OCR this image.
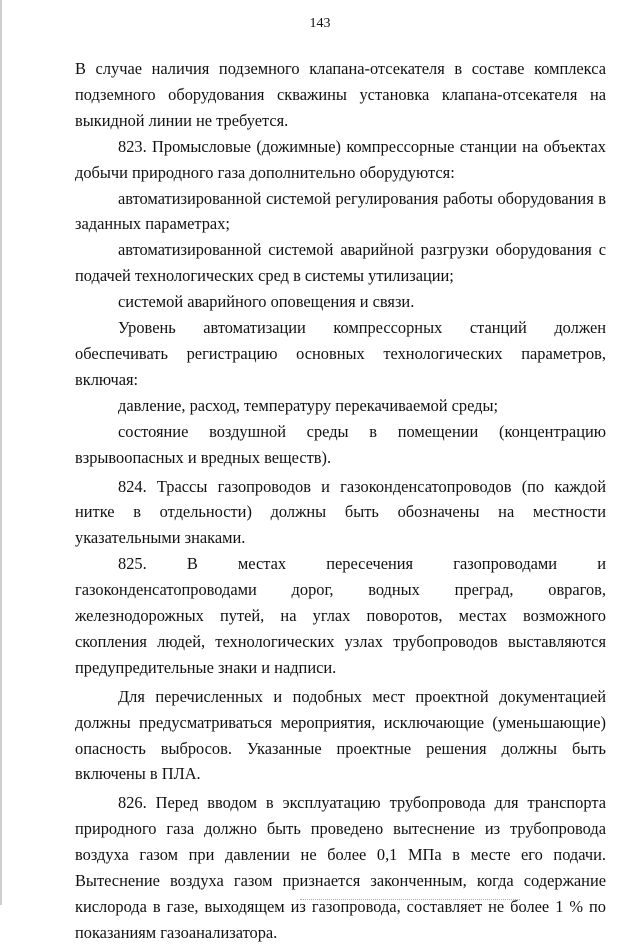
143

В случае наличия подземного клапана-отсекателя в составе комплекса подземного оборудования скважины установка клапана-отсекателя на выкидной линии не требуется.

823. Промысловые (дожимные) компрессорные станции на объектах добычи природного газа дополнительно оборудуются:

автоматизированной системой регулирования работы оборудования в заданных параметрах;

автоматизированной системой аварийной разгрузки оборудования с подачей технологических сред в системы утилизации;

системой аварийного оповещения и связи.

Уровень автоматизации компрессорных станций должен обеспечивать регистрацию основных технологических параметров, включая:

давление, расход, температуру перекачиваемой среды;

состояние воздушной среды в помещении (концентрацию взрывоопасных и вредных веществ).

824. Трассы газопроводов и газоконденсатопроводов (по каждой нитке в отдельности) должны быть обозначены на местности указательными знаками.

825. В местах пересечения газопроводами и газоконденсатопроводами дорог, водных преград, оврагов, железнодорожных путей, на углах поворотов, местах возможного скопления людей, технологических узлах трубопроводов выставляются предупредительные знаки и надписи.

Для перечисленных и подобных мест проектной документацией должны предусматриваться мероприятия, исключающие (уменьшающие) опасность выбросов. Указанные проектные решения должны быть включены в ПЛА.

826. Перед вводом в эксплуатацию трубопровода для транспорта природного газа должно быть проведено вытеснение из трубопровода воздуха газом при давлении не более 0,1 МПа в месте его подачи. Вытеснение воздуха газом признается законченным, когда содержание кислорода в газе, выходящем из газопровода, составляет не более 1 % по показаниям газоанализатора.
